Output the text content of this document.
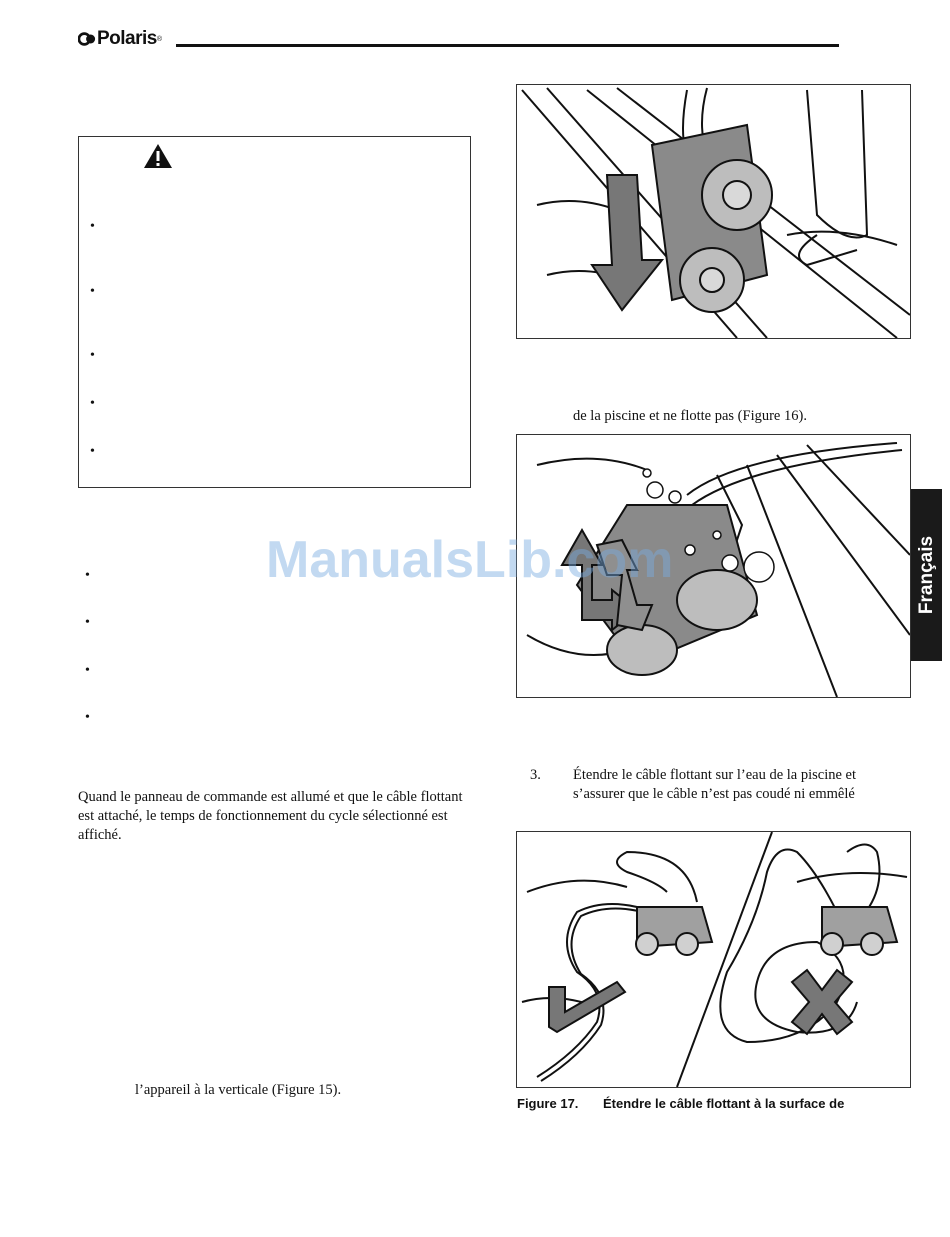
Polaris ®
•
•
•
•
•
•
•
•
•
Quand le panneau de commande est allumé et que le câble flottant est attaché, le temps de fonctionnement du cycle sélectionné est affiché.
l’appareil à la verticale (Figure 15).
de la piscine et ne flotte pas (Figure 16).
3. Étendre le câble flottant sur l’eau de la piscine et
s’assurer que le câble n’est pas coudé ni emmêlé
Figure 17. Étendre le câble flottant à la surface de
Français
ManualsLib.com
